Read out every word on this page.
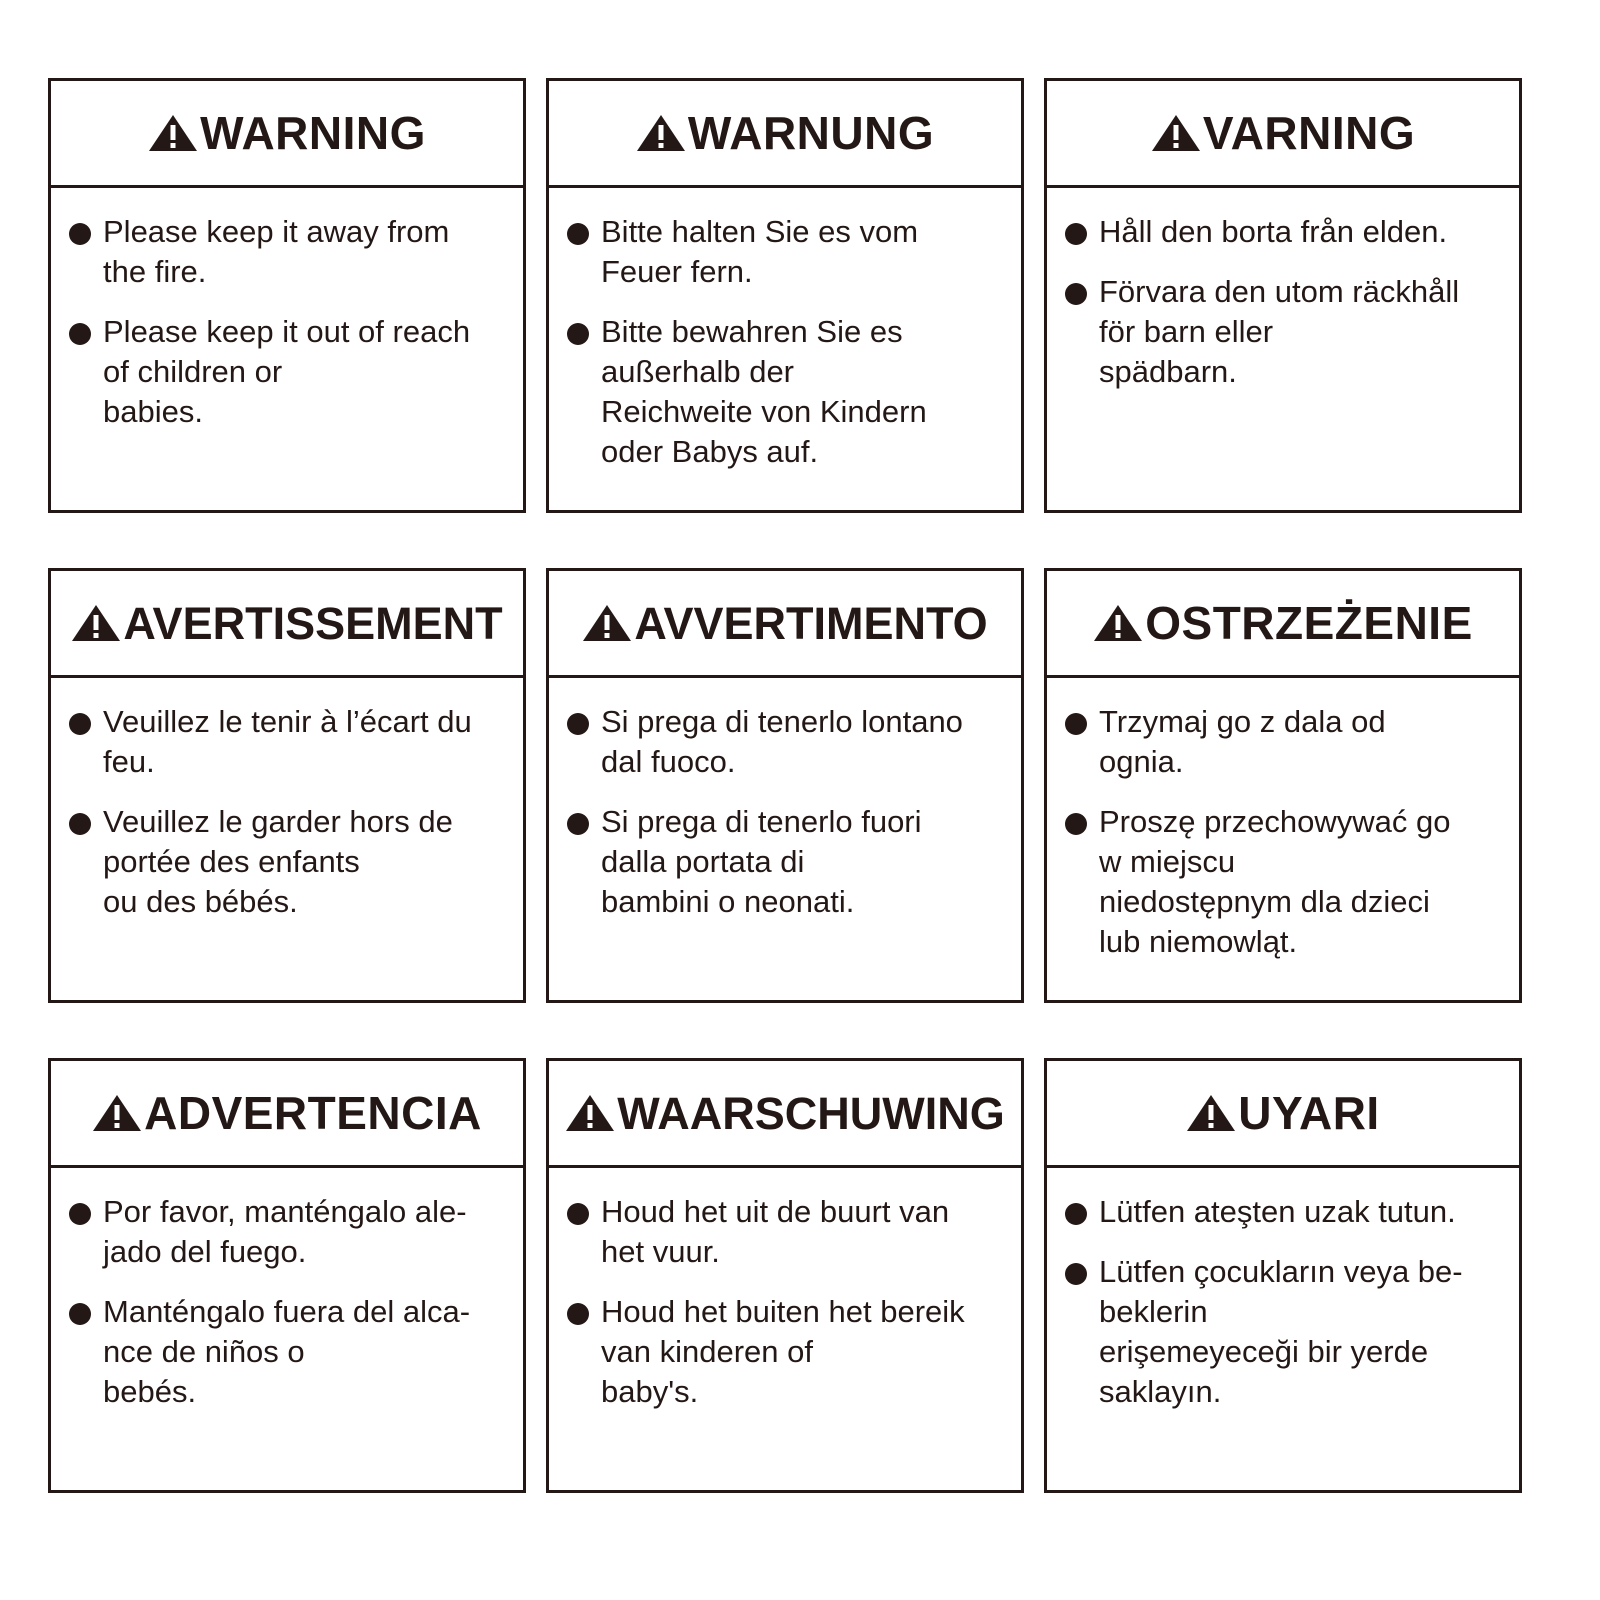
WARNING
Please keep it away from
the fire.
Please keep it out of reach
of children or
babies.
WARNUNG
Bitte halten Sie es vom
Feuer fern.
Bitte bewahren Sie es
außerhalb der
Reichweite von Kindern
oder Babys auf.
VARNING
Håll den borta från elden.
Förvara den utom räckhåll
för barn eller
spädbarn.
AVERTISSEMENT
Veuillez le tenir à l’écart du
feu.
Veuillez le garder hors de
portée des enfants
ou des bébés.
AVVERTIMENTO
Si prega di tenerlo lontano
dal fuoco.
Si prega di tenerlo fuori
dalla portata di
bambini o neonati.
OSTRZEŻENIE
Trzymaj go z dala od
ognia.
Proszę przechowywać go
w miejscu
niedostępnym dla dzieci
lub niemowląt.
ADVERTENCIA
Por favor, manténgalo ale-
jado del fuego.
Manténgalo fuera del alca-
nce de niños o
bebés.
WAARSCHUWING
Houd het uit de buurt van
het vuur.
Houd het buiten het bereik
van kinderen of
baby's.
UYARI
Lütfen ateşten uzak tutun.
Lütfen çocukların veya be-
beklerin
erişemeyeceği bir yerde
saklayın.
